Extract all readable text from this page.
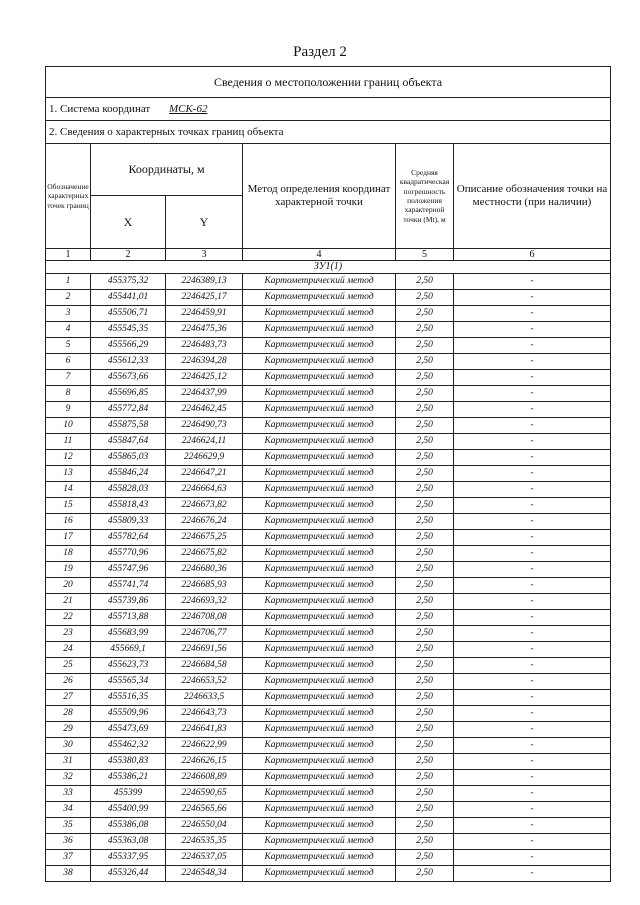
Раздел 2
Сведения о местоположении границ объекта					
1. Система координат МСК-62					
2. Сведения о характерных точках границ объекта					
Обозначение характерных точек границ	Координаты, м		Метод определения координат характерной точки	Средняя квадратическая погрешность положения характерной точки (Mt), м	Описание обозначения точки на местности (при наличии)
	X	Y			
1	2	3	4	5	6
ЗУ1(1)					
1	455375,32	2246389,13	Картометрический метод	2,50	-
2	455441,01	2246425,17	Картометрический метод	2,50	-
3	455506,71	2246459,91	Картометрический метод	2,50	-
4	455545,35	2246475,36	Картометрический метод	2,50	-
5	455566,29	2246483,73	Картометрический метод	2,50	-
6	455612,33	2246394,28	Картометрический метод	2,50	-
7	455673,66	2246425,12	Картометрический метод	2,50	-
8	455696,85	2246437,99	Картометрический метод	2,50	-
9	455772,84	2246462,45	Картометрический метод	2,50	-
10	455875,58	2246490,73	Картометрический метод	2,50	-
11	455847,64	2246624,11	Картометрический метод	2,50	-
12	455865,03	2246629,9	Картометрический метод	2,50	-
13	455846,24	2246647,21	Картометрический метод	2,50	-
14	455828,03	2246664,63	Картометрический метод	2,50	-
15	455818,43	2246673,82	Картометрический метод	2,50	-
16	455809,33	2246676,24	Картометрический метод	2,50	-
17	455782,64	2246675,25	Картометрический метод	2,50	-
18	455770,96	2246675,82	Картометрический метод	2,50	-
19	455747,96	2246680,36	Картометрический метод	2,50	-
20	455741,74	2246685,93	Картометрический метод	2,50	-
21	455739,86	2246693,32	Картометрический метод	2,50	-
22	455713,88	2246708,08	Картометрический метод	2,50	-
23	455683,99	2246706,77	Картометрический метод	2,50	-
24	455669,1	2246691,56	Картометрический метод	2,50	-
25	455623,73	2246684,58	Картометрический метод	2,50	-
26	455565,34	2246653,52	Картометрический метод	2,50	-
27	455516,35	2246633,5	Картометрический метод	2,50	-
28	455509,96	2246643,73	Картометрический метод	2,50	-
29	455473,69	2246641,83	Картометрический метод	2,50	-
30	455462,32	2246622,99	Картометрический метод	2,50	-
31	455380,83	2246626,15	Картометрический метод	2,50	-
32	455386,21	2246608,89	Картометрический метод	2,50	-
33	455399	2246590,65	Картометрический метод	2,50	-
34	455400,99	2246565,66	Картометрический метод	2,50	-
35	455386,08	2246550,04	Картометрический метод	2,50	-
36	455363,08	2246535,35	Картометрический метод	2,50	-
37	455337,95	2246537,05	Картометрический метод	2,50	-
38	455326,44	2246548,34	Картометрический метод	2,50	-
